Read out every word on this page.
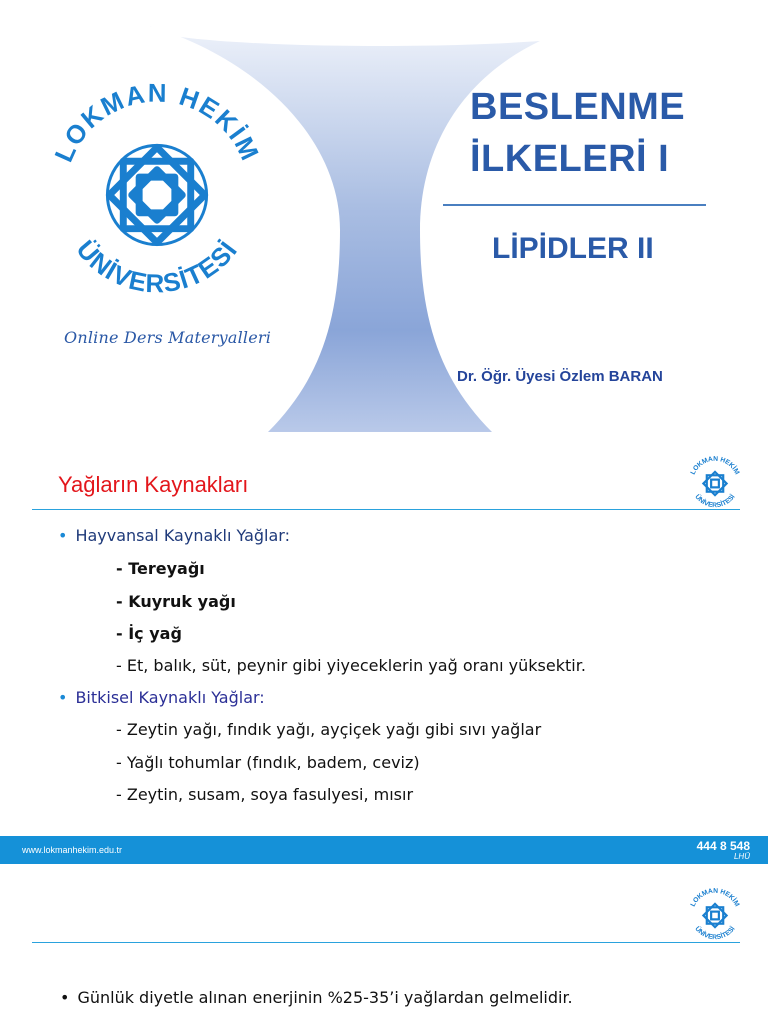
LOKMAN HEKİM
ÜNİVERSİTESİ
Online Ders Materyalleri
BESLENME
İLKELERİ I
LİPİDLER II
Dr. Öğr. Üyesi Özlem BARAN
Yağların Kaynakları	LOKMAN HEKİM
ÜNİVERSİTESİ
• Hayvansal Kaynaklı Yağlar:
- Tereyağı
- Kuyruk yağı
- İç yağ
- Et, balık, süt, peynir gibi yiyeceklerin yağ oranı yüksektir.
• Bitkisel Kaynaklı Yağlar:
- Zeytin yağı, fındık yağı, ayçiçek yağı gibi sıvı yağlar
- Yağlı tohumlar (fındık, badem, ceviz)
- Zeytin, susam, soya fasulyesi, mısır
www.lokmanhekim.edu.tr	444 8 548
LHÜ
LOKMAN HEKİM
ÜNİVERSİTESİ
• Günlük diyetle alınan enerjinin %25-35’i yağlardan gelmelidir.
